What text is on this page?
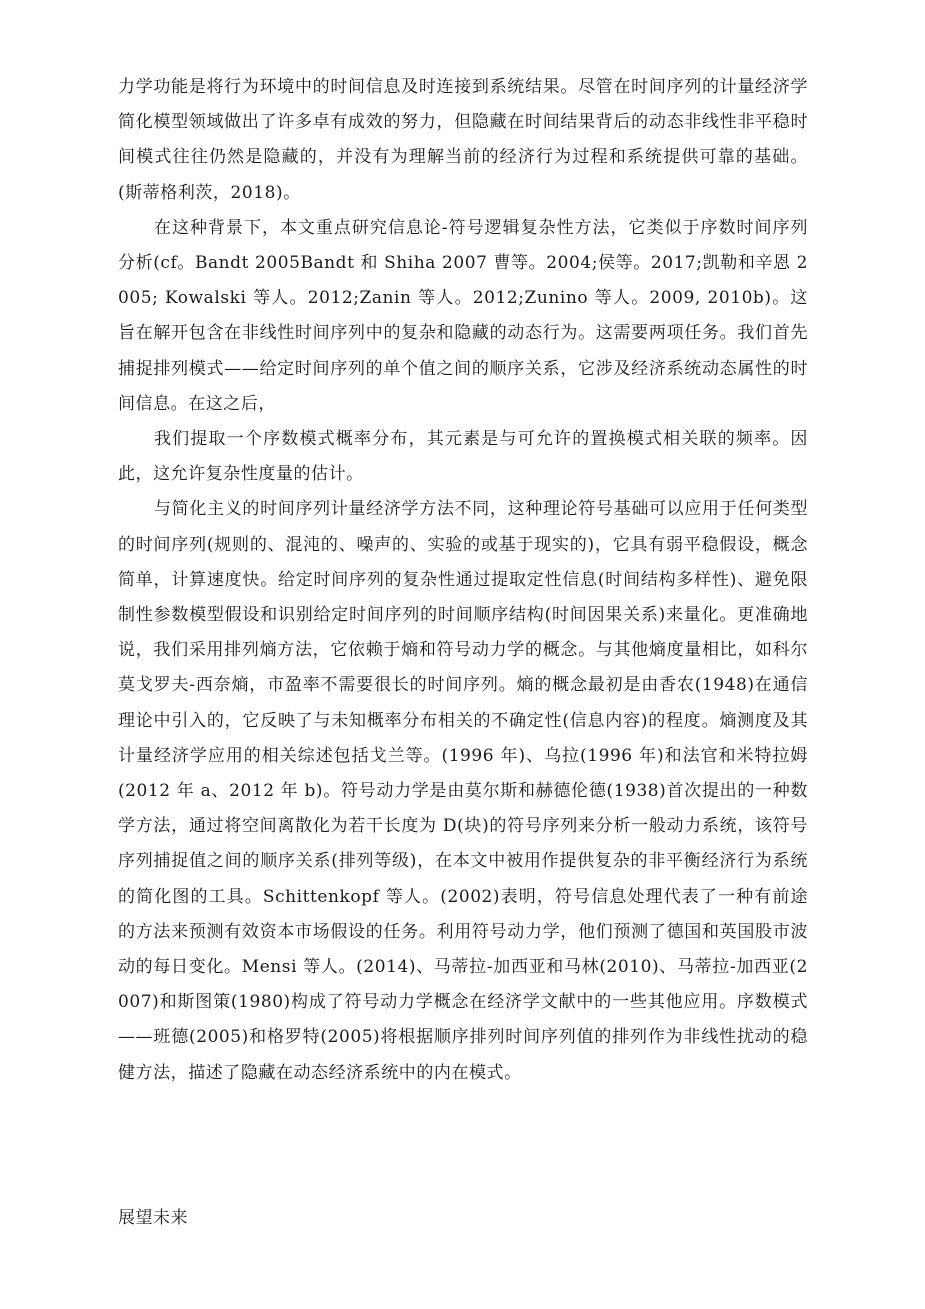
力学功能是将行为环境中的时间信息及时连接到系统结果。尽管在时间序列的计量经济学简化模型领域做出了许多卓有成效的努力，但隐藏在时间结果背后的动态非线性非平稳时间模式往往仍然是隐藏的，并没有为理解当前的经济行为过程和系统提供可靠的基础。(斯蒂格利茨，2018)。

在这种背景下，本文重点研究信息论-符号逻辑复杂性方法，它类似于序数时间序列分析(cf。Bandt 2005Bandt 和 Shiha 2007 曹等。2004;侯等。2017;凯勒和辛恩 2005; Kowalski 等人。2012;Zanin 等人。2012;Zunino 等人。2009, 2010b)。这旨在解开包含在非线性时间序列中的复杂和隐藏的动态行为。这需要两项任务。我们首先捕捉排列模式——给定时间序列的单个值之间的顺序关系，它涉及经济系统动态属性的时间信息。在这之后，

我们提取一个序数模式概率分布，其元素是与可允许的置换模式相关联的频率。因此，这允许复杂性度量的估计。

与简化主义的时间序列计量经济学方法不同，这种理论符号基础可以应用于任何类型的时间序列(规则的、混沌的、噪声的、实验的或基于现实的)，它具有弱平稳假设，概念简单，计算速度快。给定时间序列的复杂性通过提取定性信息(时间结构多样性)、避免限制性参数模型假设和识别给定时间序列的时间顺序结构(时间因果关系)来量化。更准确地说，我们采用排列熵方法，它依赖于熵和符号动力学的概念。与其他熵度量相比，如科尔莫戈罗夫-西奈熵，市盈率不需要很长的时间序列。熵的概念最初是由香农(1948)在通信理论中引入的，它反映了与未知概率分布相关的不确定性(信息内容)的程度。熵测度及其计量经济学应用的相关综述包括戈兰等。(1996 年)、乌拉(1996 年)和法官和米特拉姆(2012 年 a、2012 年 b)。符号动力学是由莫尔斯和赫德伦德(1938)首次提出的一种数学方法，通过将空间离散化为若干长度为 D(块)的符号序列来分析一般动力系统，该符号序列捕捉值之间的顺序关系(排列等级)，在本文中被用作提供复杂的非平衡经济行为系统的简化图的工具。Schittenkopf 等人。(2002)表明，符号信息处理代表了一种有前途的方法来预测有效资本市场假设的任务。利用符号动力学，他们预测了德国和英国股市波动的每日变化。Mensi 等人。(2014)、马蒂拉-加西亚和马林(2010)、马蒂拉-加西亚(2007)和斯图策(1980)构成了符号动力学概念在经济学文献中的一些其他应用。序数模式——班德(2005)和格罗特(2005)将根据顺序排列时间序列值的排列作为非线性扰动的稳健方法，描述了隐藏在动态经济系统中的内在模式。

展望未来
